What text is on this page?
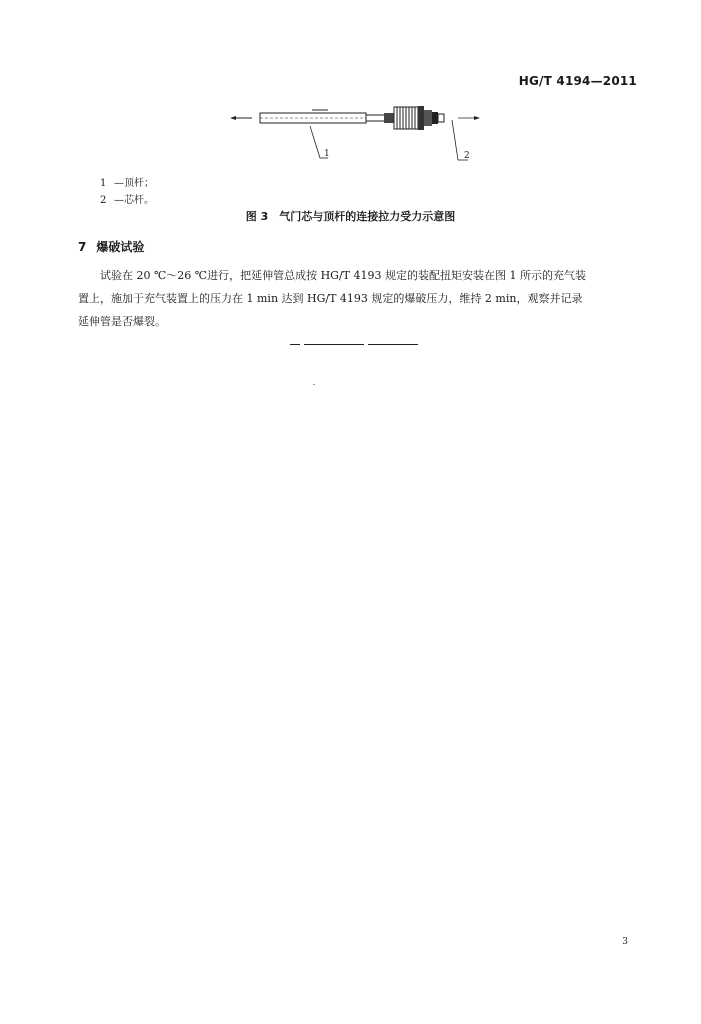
HG/T 4194—2011
1	2
1 —顶杆；
2 —芯杆。
图 3　气门芯与顶杆的连接拉力受力示意图
7 爆破试验
试验在 20 ℃～26 ℃进行，把延伸管总成按 HG/T 4193 规定的装配扭矩安装在图 1 所示的充气装
置上，施加于充气装置上的压力在 1 min 达到 HG/T 4193 规定的爆破压力，维持 2 min，观察并记录
延伸管是否爆裂。
3
